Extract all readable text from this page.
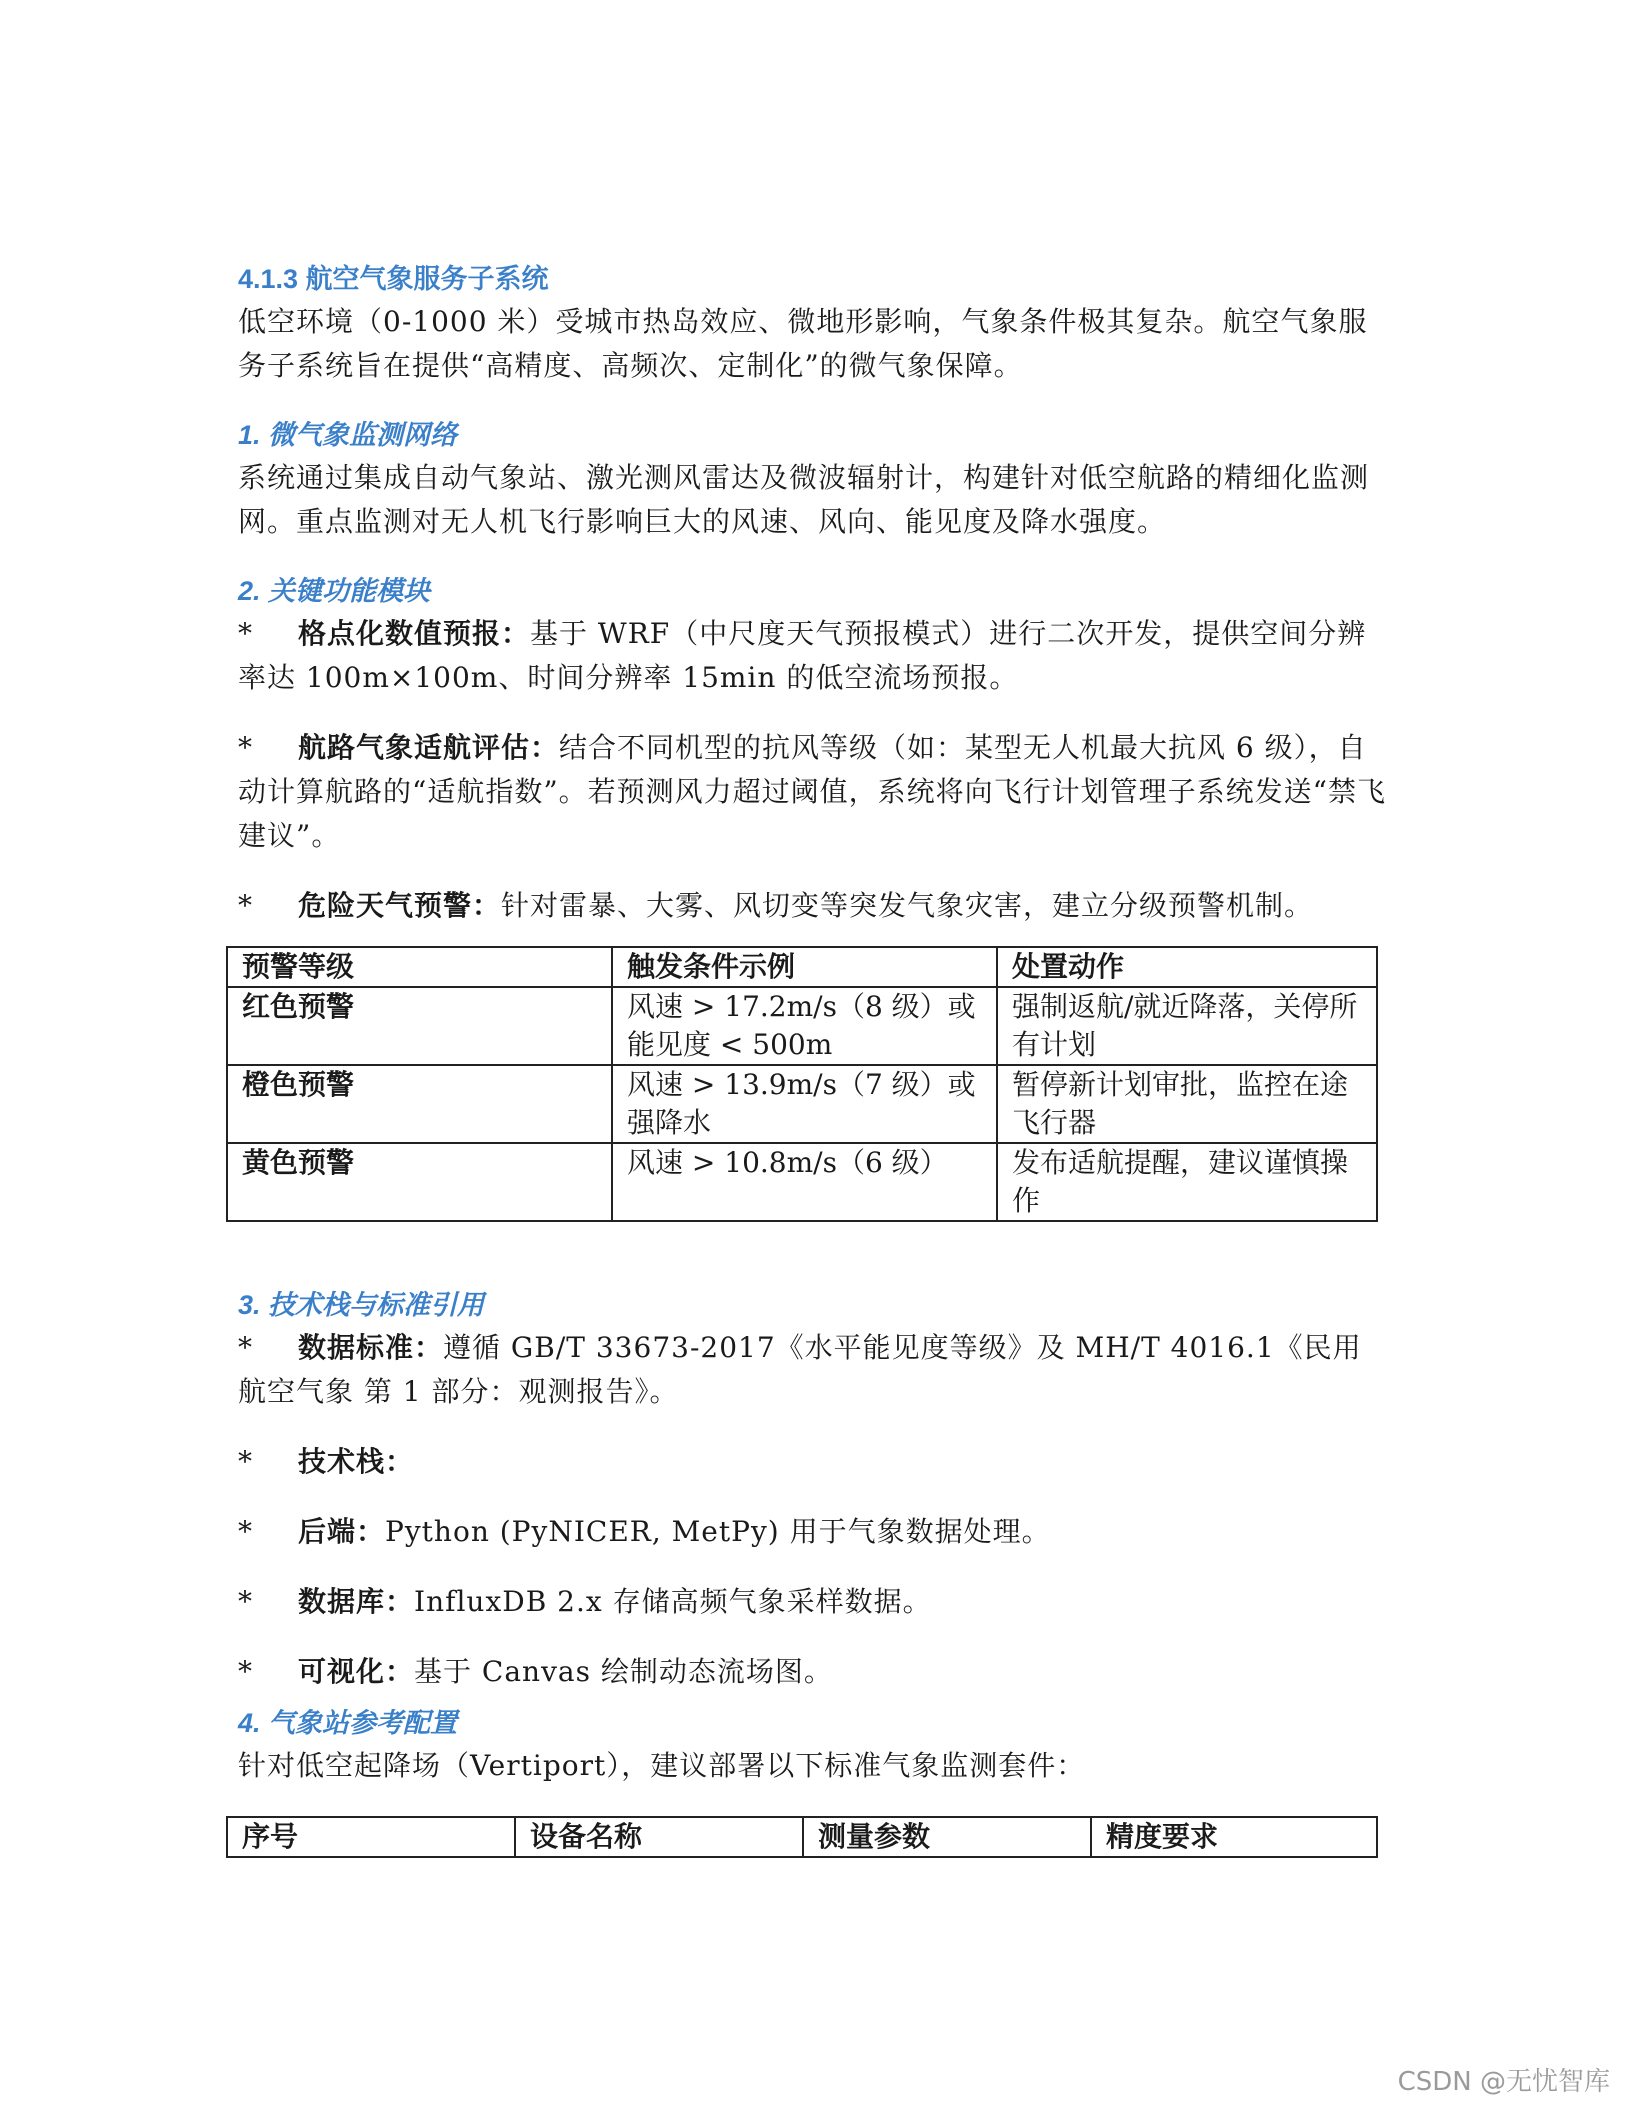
4.1.3 航空气象服务子系统

低空环境（0-1000 米）受城市热岛效应、微地形影响，气象条件极其复杂。航空气象服务子系统旨在提供“高精度、高频次、定制化”的微气象保障。

1. 微气象监测网络

系统通过集成自动气象站、激光测风雷达及微波辐射计，构建针对低空航路的精细化监测网。重点监测对无人机飞行影响巨大的风速、风向、能见度及降水强度。

2. 关键功能模块

* 格点化数值预报：基于 WRF（中尺度天气预报模式）进行二次开发，提供空间分辨率达 100m×100m、时间分辨率 15min 的低空流场预报。

* 航路气象适航评估：结合不同机型的抗风等级（如：某型无人机最大抗风 6 级），自动计算航路的“适航指数”。若预测风力超过阈值，系统将向飞行计划管理子系统发送“禁飞建议”。

* 危险天气预警：针对雷暴、大雾、风切变等突发气象灾害，建立分级预警机制。

预警等级	触发条件示例	处置动作
红色预警	风速 > 17.2m/s（8 级）或能见度 < 500m	强制返航/就近降落，关停所有计划
橙色预警	风速 > 13.9m/s（7 级）或强降水	暂停新计划审批，监控在途飞行器
黄色预警	风速 > 10.8m/s（6 级）	发布适航提醒，建议谨慎操作
3. 技术栈与标准引用

* 数据标准：遵循 GB/T 33673-2017《水平能见度等级》及 MH/T 4016.1《民用航空气象 第 1 部分：观测报告》。

* 技术栈：

* 后端：Python (PyNICER, MetPy) 用于气象数据处理。

* 数据库：InfluxDB 2.x 存储高频气象采样数据。

* 可视化：基于 Canvas 绘制动态流场图。

4. 气象站参考配置

针对低空起降场（Vertiport），建议部署以下标准气象监测套件：

序号	设备名称	测量参数	精度要求
CSDN @无忧智库
